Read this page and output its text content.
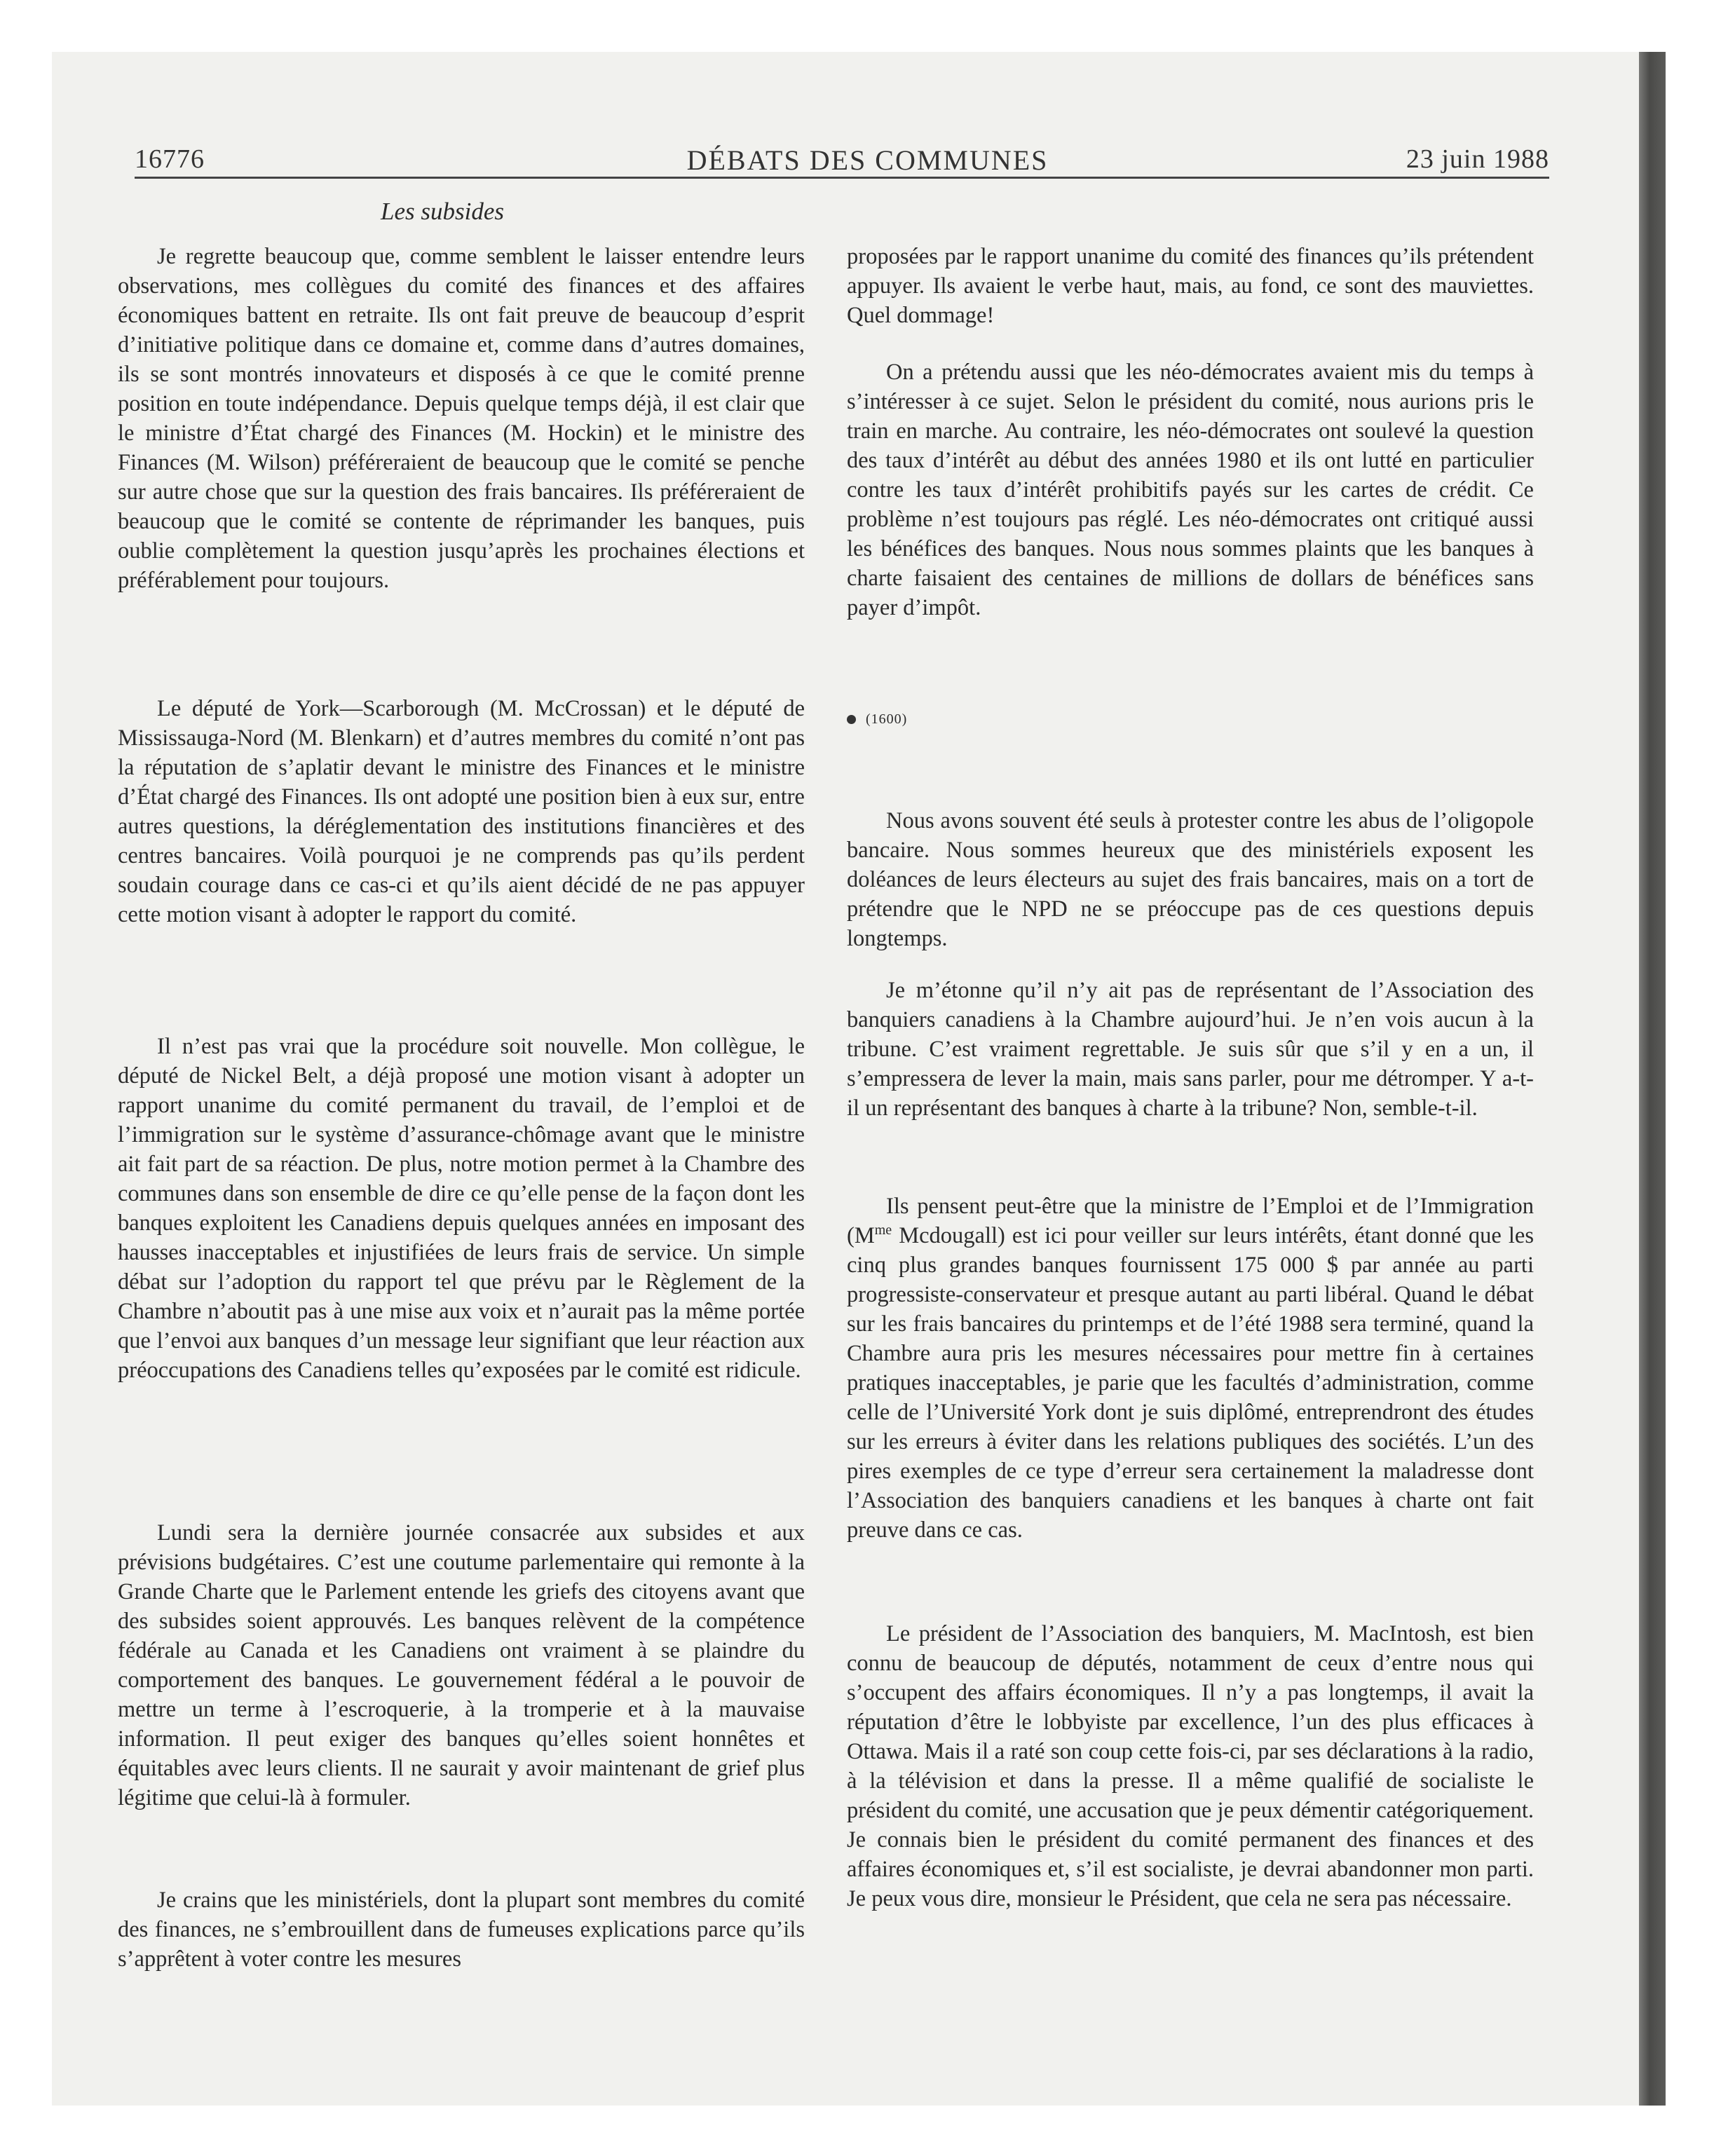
16776	DÉBATS DES COMMUNES	23 juin 1988
Les subsides

Je regrette beaucoup que, comme semblent le laisser entendre leurs observations, mes collègues du comité des finances et des affaires économiques battent en retraite. Ils ont fait preuve de beaucoup d’esprit d’initiative politique dans ce domaine et, comme dans d’autres domaines, ils se sont montrés innovateurs et disposés à ce que le comité prenne position en toute indépendance. Depuis quelque temps déjà, il est clair que le ministre d’État chargé des Finances (M. Hockin) et le ministre des Finances (M. Wilson) préféreraient de beaucoup que le comité se penche sur autre chose que sur la question des frais bancaires. Ils préféreraient de beaucoup que le comité se contente de réprimander les banques, puis oublie complètement la question jusqu’après les prochaines élections et préférablement pour toujours.

Le député de York—Scarborough (M. McCrossan) et le député de Mississauga-Nord (M. Blenkarn) et d’autres membres du comité n’ont pas la réputation de s’aplatir devant le ministre des Finances et le ministre d’État chargé des Finances. Ils ont adopté une position bien à eux sur, entre autres questions, la déréglementation des institutions financières et des centres bancaires. Voilà pourquoi je ne comprends pas qu’ils perdent soudain courage dans ce cas-ci et qu’ils aient décidé de ne pas appuyer cette motion visant à adopter le rapport du comité.

Il n’est pas vrai que la procédure soit nouvelle. Mon collègue, le député de Nickel Belt, a déjà proposé une motion visant à adopter un rapport unanime du comité permanent du travail, de l’emploi et de l’immigration sur le système d’assurance-chômage avant que le ministre ait fait part de sa réaction. De plus, notre motion permet à la Chambre des communes dans son ensemble de dire ce qu’elle pense de la façon dont les banques exploitent les Canadiens depuis quelques années en imposant des hausses inacceptables et injustifiées de leurs frais de service. Un simple débat sur l’adoption du rapport tel que prévu par le Règlement de la Chambre n’aboutit pas à une mise aux voix et n’aurait pas la même portée que l’envoi aux banques d’un message leur signifiant que leur réaction aux préoccupations des Canadiens telles qu’exposées par le comité est ridicule.

Lundi sera la dernière journée consacrée aux subsides et aux prévisions budgétaires. C’est une coutume parlementaire qui remonte à la Grande Charte que le Parlement entende les griefs des citoyens avant que des subsides soient approuvés. Les banques relèvent de la compétence fédérale au Canada et les Canadiens ont vraiment à se plaindre du comportement des banques. Le gouvernement fédéral a le pouvoir de mettre un terme à l’escroquerie, à la tromperie et à la mauvaise information. Il peut exiger des banques qu’elles soient honnêtes et équitables avec leurs clients. Il ne saurait y avoir maintenant de grief plus légitime que celui-là à formuler.

Je crains que les ministériels, dont la plupart sont membres du comité des finances, ne s’embrouillent dans de fumeuses explications parce qu’ils s’apprêtent à voter contre les mesures

proposées par le rapport unanime du comité des finances qu’ils prétendent appuyer. Ils avaient le verbe haut, mais, au fond, ce sont des mauviettes. Quel dommage!

On a prétendu aussi que les néo-démocrates avaient mis du temps à s’intéresser à ce sujet. Selon le président du comité, nous aurions pris le train en marche. Au contraire, les néo-démocrates ont soulevé la question des taux d’intérêt au début des années 1980 et ils ont lutté en particulier contre les taux d’intérêt prohibitifs payés sur les cartes de crédit. Ce problème n’est toujours pas réglé. Les néo-démocrates ont critiqué aussi les bénéfices des banques. Nous nous sommes plaints que les banques à charte faisaient des centaines de millions de dollars de bénéfices sans payer d’impôt.

(1600)

Nous avons souvent été seuls à protester contre les abus de l’oligopole bancaire. Nous sommes heureux que des ministériels exposent les doléances de leurs électeurs au sujet des frais bancaires, mais on a tort de prétendre que le NPD ne se préoccupe pas de ces questions depuis longtemps.

Je m’étonne qu’il n’y ait pas de représentant de l’Association des banquiers canadiens à la Chambre aujourd’hui. Je n’en vois aucun à la tribune. C’est vraiment regrettable. Je suis sûr que s’il y en a un, il s’empressera de lever la main, mais sans parler, pour me détromper. Y a-t-il un représentant des banques à charte à la tribune? Non, semble-t-il.

Ils pensent peut-être que la ministre de l’Emploi et de l’Immigration ($M^{me}$ Mcdougall) est ici pour veiller sur leurs intérêts, étant donné que les cinq plus grandes banques fournissent 175 000 $ par année au parti progressiste-conservateur et presque autant au parti libéral. Quand le débat sur les frais bancaires du printemps et de l’été 1988 sera terminé, quand la Chambre aura pris les mesures nécessaires pour mettre fin à certaines pratiques inacceptables, je parie que les facultés d’administration, comme celle de l’Université York dont je suis diplômé, entreprendront des études sur les erreurs à éviter dans les relations publiques des sociétés. L’un des pires exemples de ce type d’erreur sera certainement la maladresse dont l’Association des banquiers canadiens et les banques à charte ont fait preuve dans ce cas.

Le président de l’Association des banquiers, M. MacIntosh, est bien connu de beaucoup de députés, notamment de ceux d’entre nous qui s’occupent des affairs économiques. Il n’y a pas longtemps, il avait la réputation d’être le lobbyiste par excellence, l’un des plus efficaces à Ottawa. Mais il a raté son coup cette fois-ci, par ses déclarations à la radio, à la télévision et dans la presse. Il a même qualifié de socialiste le président du comité, une accusation que je peux démentir catégoriquement. Je connais bien le président du comité permanent des finances et des affaires économiques et, s’il est socialiste, je devrai abandonner mon parti. Je peux vous dire, monsieur le Président, que cela ne sera pas nécessaire.
